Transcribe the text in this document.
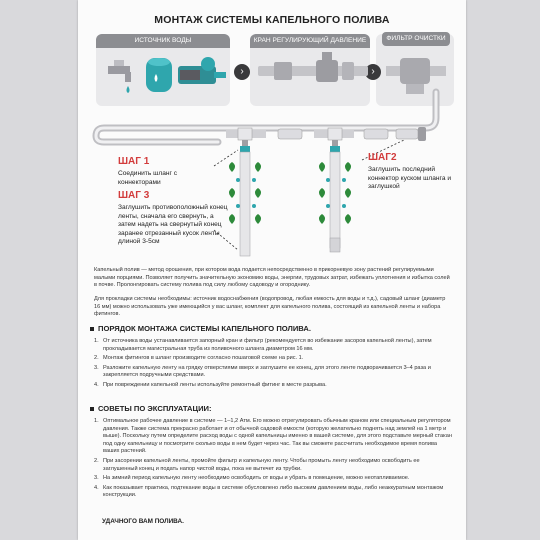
МОНТАЖ СИСТЕМЫ КАПЕЛЬНОГО ПОЛИВА
ИСТОЧНИК ВОДЫ	КРАН РЕГУЛИРУЮЩИЙ ДАВЛЕНИЕ	ФИЛЬТР ОЧИСТКИ
›	›
ШАГ 1
Соединить шланг с коннекторами
ШАГ2
Заглушить последний коннектор куском шланга и заглушкой
ШАГ 3
Заглушить противоположный конец ленты, сначала его свернуть, а затем надеть на свернутый конец заранее отрезанный кусок ленты длиной 3-5см
Капельный полив — метод орошения, при котором вода подается непосредственно в прикорневую зону растений регулируемыми малыми порциями. Позволяет получить значительную экономию воды, энергии, трудовых затрат, избежать уплотнения и избытка солей в почве. Пролонгировать систему полива под силу любому садоводу и огороднику.
Для прокладки системы необходимы: источник водоснабжения (водопровод, любая емкость для воды и т.д.), садовый шланг (диаметр 16 мм) можно использовать уже имеющийся у вас шланг, комплект для капельного полива, состоящий из капельной ленты и набора фитингов.
ПОРЯДОК МОНТАЖА СИСТЕМЫ КАПЕЛЬНОГО ПОЛИВА.
1. От источника воды устанавливается запорный кран и фильтр (рекомендуется во избежание засоров капельной ленты), затем прокладывается магистральная труба из поливочного шланга диаметром 16 мм.
2. Монтаж фитингов в шланг производите согласно пошаговой схеме на рис. 1.
3. Разложите капельную ленту на грядку отверстиями вверх и заглушите ее конец, для этого ленте подворачивается 3–4 раза и закрепляется подручными средствами.
4. При повреждении капельной ленты используйте ремонтный фитинг в месте разрыва.
СОВЕТЫ ПО ЭКСПЛУАТАЦИИ:
1. Оптимальное рабочее давление в системе — 1–1,2 Атм. Его можно отрегулировать обычным краном или специальным регулятором давления. Также система прекрасно работает и от обычной садовой емкости (которую желательно поднять над землей на 1 метр и выше). Поскольку путем определите расход воды с одной капельницы именно в вашей системе, для этого подставьте мерный стакан под одну капельницу и посмотрите сколько воды в нем будет через час. Так вы сможете рассчитать необходимое время полива ваших растений.
2. При засорении капельной ленты, промойте фильтр и капельную ленту. Чтобы промыть ленту необходимо освободить ее заглушенный конец и подать напор чистой воды, пока не вытечет из трубки.
3. На зимний период капельную ленту необходимо освободить от воды и убрать в помещение, можно неотапливаемое.
4. Как показывает практика, подтекание воды в системе обусловлено либо высоким давлением воды, либо неаккуратным монтажом конструкции.
УДАЧНОГО ВАМ ПОЛИВА.
